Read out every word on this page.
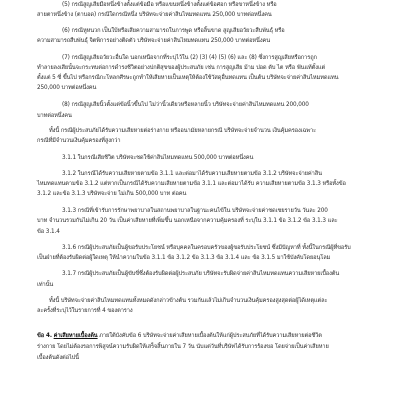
(5) กรณีสูญเสียมือหนึ่งข้างตั้งแต่ข้อมือ หรือแขนหนึ่งข้างตั้งแต่ข้อศอก หรือขาหนึ่งข้าง หรือ
สายตาหนึ่งข้าง (ตาบอด) กรณีใดกรณีหนึ่ง บริษัทจะจ่ายค่าสินไหมทดแทน 250,000 บาทต่อหนึ่งคน
(6) กรณีหูหนวก เป็นใบ้หรือเสียความสามารถในการพูด หรือลิ้นขาด สูญเสียอวัยวะสืบพันธุ์ หรือ
ความสามารถสืบพันธุ์ จิตพิการอย่างติดตัว บริษัทจะจ่ายค่าสินไหมทดแทน 250,000 บาทต่อหนึ่งคน
(7) กรณีสูญเสียอวัยวะอื่นใด นอกเหนือจากที่ระบุไว้ใน (2) (3) (4) (5) (6) และ (8) ซึ่งการสูญเสียหรือการถูก
ทำลายลงเสียนั้นจะกระทบต่อการดำรงชีวิตอย่างปกติสุขของผู้ประสบภัย เช่น การสูญเสีย ม้าม ปอด ตับ ไต หรือ ฟันแท้ตั้งแต่
ตั้งแต่ 5 ซี่ ขึ้นไป หรือกรณีกะโหลกศีรษะถูกทำให้เสียหายเป็นเหตุให้ต้องใช้วัสดุอื่นทดแทน เป็นต้น บริษัทจะจ่ายค่าสินไหมทดแทน
250,000 บาทต่อหนึ่งคน
(8) กรณีสูญเสียนิ้วตั้งแต่ข้อนิ้วขึ้นไป ไม่ว่านิ้วเดียวหรือหลายนิ้ว บริษัทจะจ่ายค่าสินไหมทดแทน 200,000
บาทต่อหนึ่งคน
ทั้งนี้ กรณีผู้ประสบภัยได้รับความเสียหายต่อร่างกาย หรืออนามัยหลายกรณี บริษัทจะจ่ายจำนวน เงินคุ้มครองเฉพาะ
กรณีที่มีจำนวนเงินคุ้มครองที่สูงกว่า
3.1.1 ในกรณีเสียชีวิต บริษัทจะชดใช้ค่าสินไหมทดแทน 500,000 บาทต่อหนึ่งคน
3.1.2 ในกรณีได้รับความเสียหายตามข้อ 3.1.1 และต่อมาได้รับความเสียหายตามข้อ 3.1.2 บริษัทจะจ่ายค่าสิน
ไหมทดแทนตามข้อ 3.1.2 แต่หากเป็นกรณีได้รับความเสียหายตามข้อ 3.1.1 และต่อมาได้รับ ความเสียหายตามข้อ 3.1.3 หรือทั้งข้อ
3.1.2 และข้อ 3.1.3 บริษัทจะจ่าย ไม่เกิน 500,000 บาท ต่อคน
3.1.3 กรณีที่เข้ารับการรักษาพยาบาลในสถานพยาบาลในฐานะคนไข้ใน บริษัทจะจ่ายค่าชดเชยรายวัน วันละ 200
บาท จำนวนรวมกันไม่เกิน 20 วัน เป็นค่าเสียหายที่เพิ่มขึ้น นอกเหนือจากความคุ้มครองที่ ระบุใน 3.1.1 ข้อ 3.1.2 ข้อ 3.1.3 และ
ข้อ 3.1.4
3.1.6 กรณีผู้ประสบภัยเป็นผู้ขอรับประโยชน์ หรือบุคคลในครอบครัวของผู้ขอรับประโยชน์ ซึ่งมีปัญหาที่ ทั้งนี้ในกรณีผู้ที่ขอรับ
เป็นฝ่ายที่ต้องรับผิดต่อผู้ใดเหตุ ให้นำความในข้อ 3.1.1 ข้อ 3.1.2 ข้อ 3.1.3 ข้อ 3.1.4 และ ข้อ 3.1.5 มาใช้บังคับโดยอนุโลม
3.1.7 กรณีผู้ประสบภัยเป็นผู้ขับขี่ซึ่งต้องรับผิดต่อผู้ประสบภัย บริษัทจะรับผิดจ่ายค่าสินไหมทดแทนความเสียหายเบื้องต้น
เท่านั้น
ทั้งนี้ บริษัทจะจ่ายค่าสินไหมทดแทนทั้งหมดดังกล่าวข้างต้น รวมกันแล้วไม่เกินจำนวนเงินคุ้มครองสูงสุดต่อผู้ได้เหตุแต่ละ
ละครั้งที่ระบุไว้ในรายการที่ 4 ของตาราง
ข้อ 4. ค่าเสียหายเบื้องต้น ภายใต้บังคับข้อ 6 บริษัทจะจ่ายค่าเสียหายเบื้องต้นให้แก่ผู้ประสบภัยที่ได้รับความเสียหายต่อชีวิต
ร่างกาย โดยไม่ต้องรอการพิสูจน์ความรับผิดให้เสร็จสิ้นภายใน 7 วัน นับแต่วันที่บริษัทได้รับการร้องขอ โดยจ่ายเป็นค่าเสียหาย
เบื้องต้นดังต่อไปนี้
